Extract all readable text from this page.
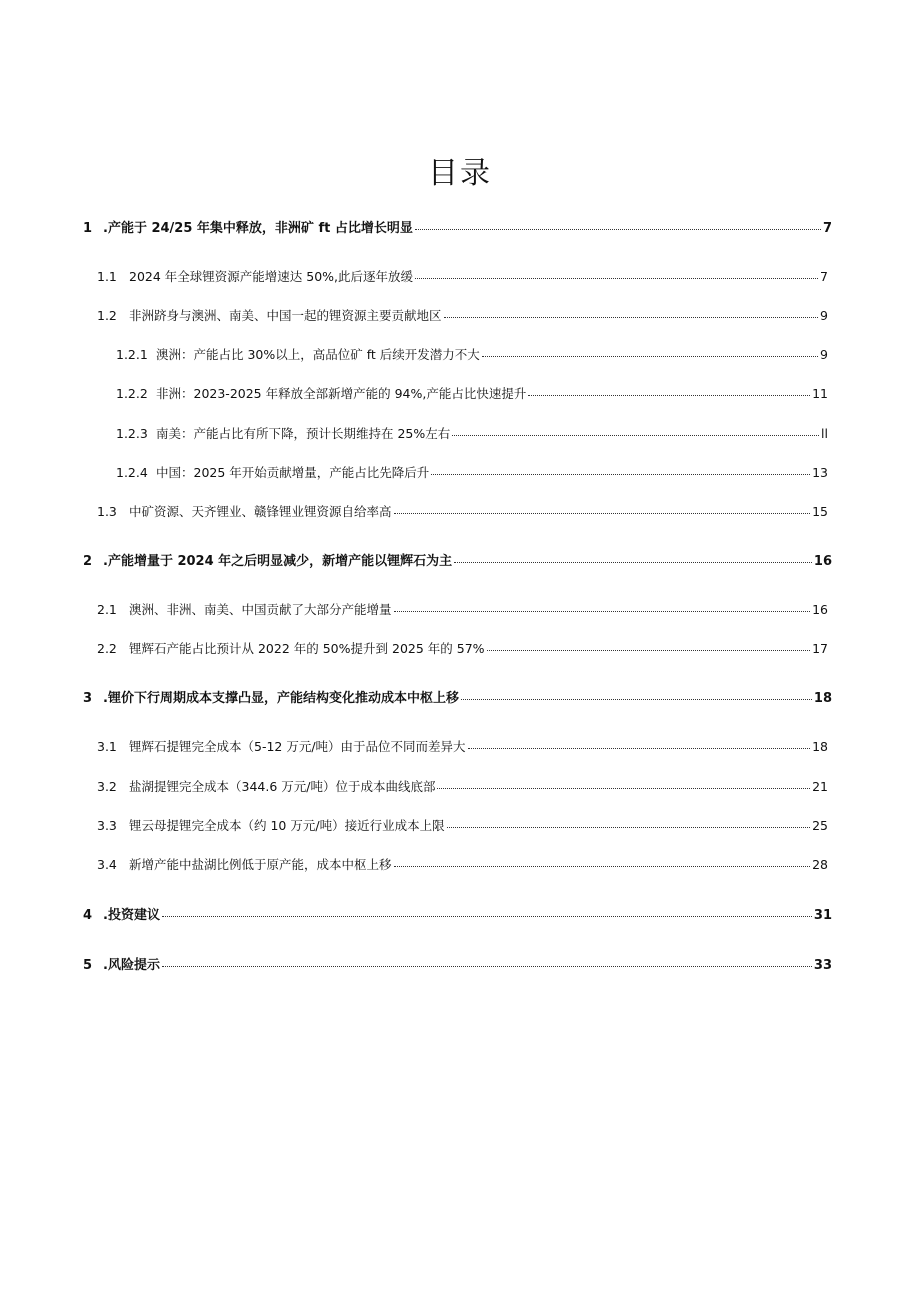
目录
1 .产能于 24/25 年集中释放，非洲矿 ft 占比增长明显	7
1.1 2024 年全球锂资源产能增速达 50%,此后逐年放缓	7
1.2 非洲跻身与澳洲、南美、中国一起的锂资源主要贡献地区	9
1.2.1 澳洲：产能占比 30%以上，高品位矿 ft 后续开发潜力不大	9
1.2.2 非洲：2023-2025 年释放全部新增产能的 94%,产能占比快速提升	11
1.2.3 南美：产能占比有所下降，预计长期维持在 25%左右	ll
1.2.4 中国：2025 年开始贡献增量，产能占比先降后升	13
1.3 中矿资源、天齐锂业、赣锋锂业锂资源自给率高	15
2 .产能增量于 2024 年之后明显减少，新增产能以锂辉石为主	16
2.1 澳洲、非洲、南美、中国贡献了大部分产能增量	16
2.2 锂辉石产能占比预计从 2022 年的 50%提升到 2025 年的 57%	17
3 .锂价下行周期成本支撑凸显，产能结构变化推动成本中枢上移	18
3.1 锂辉石提锂完全成本（5-12 万元/吨）由于品位不同而差异大	18
3.2 盐湖提锂完全成本（344.6 万元/吨）位于成本曲线底部	21
3.3 锂云母提锂完全成本（约 10 万元/吨）接近行业成本上限	25
3.4 新增产能中盐湖比例低于原产能，成本中枢上移	28
4 .投资建议	31
5 .风险提示	33
